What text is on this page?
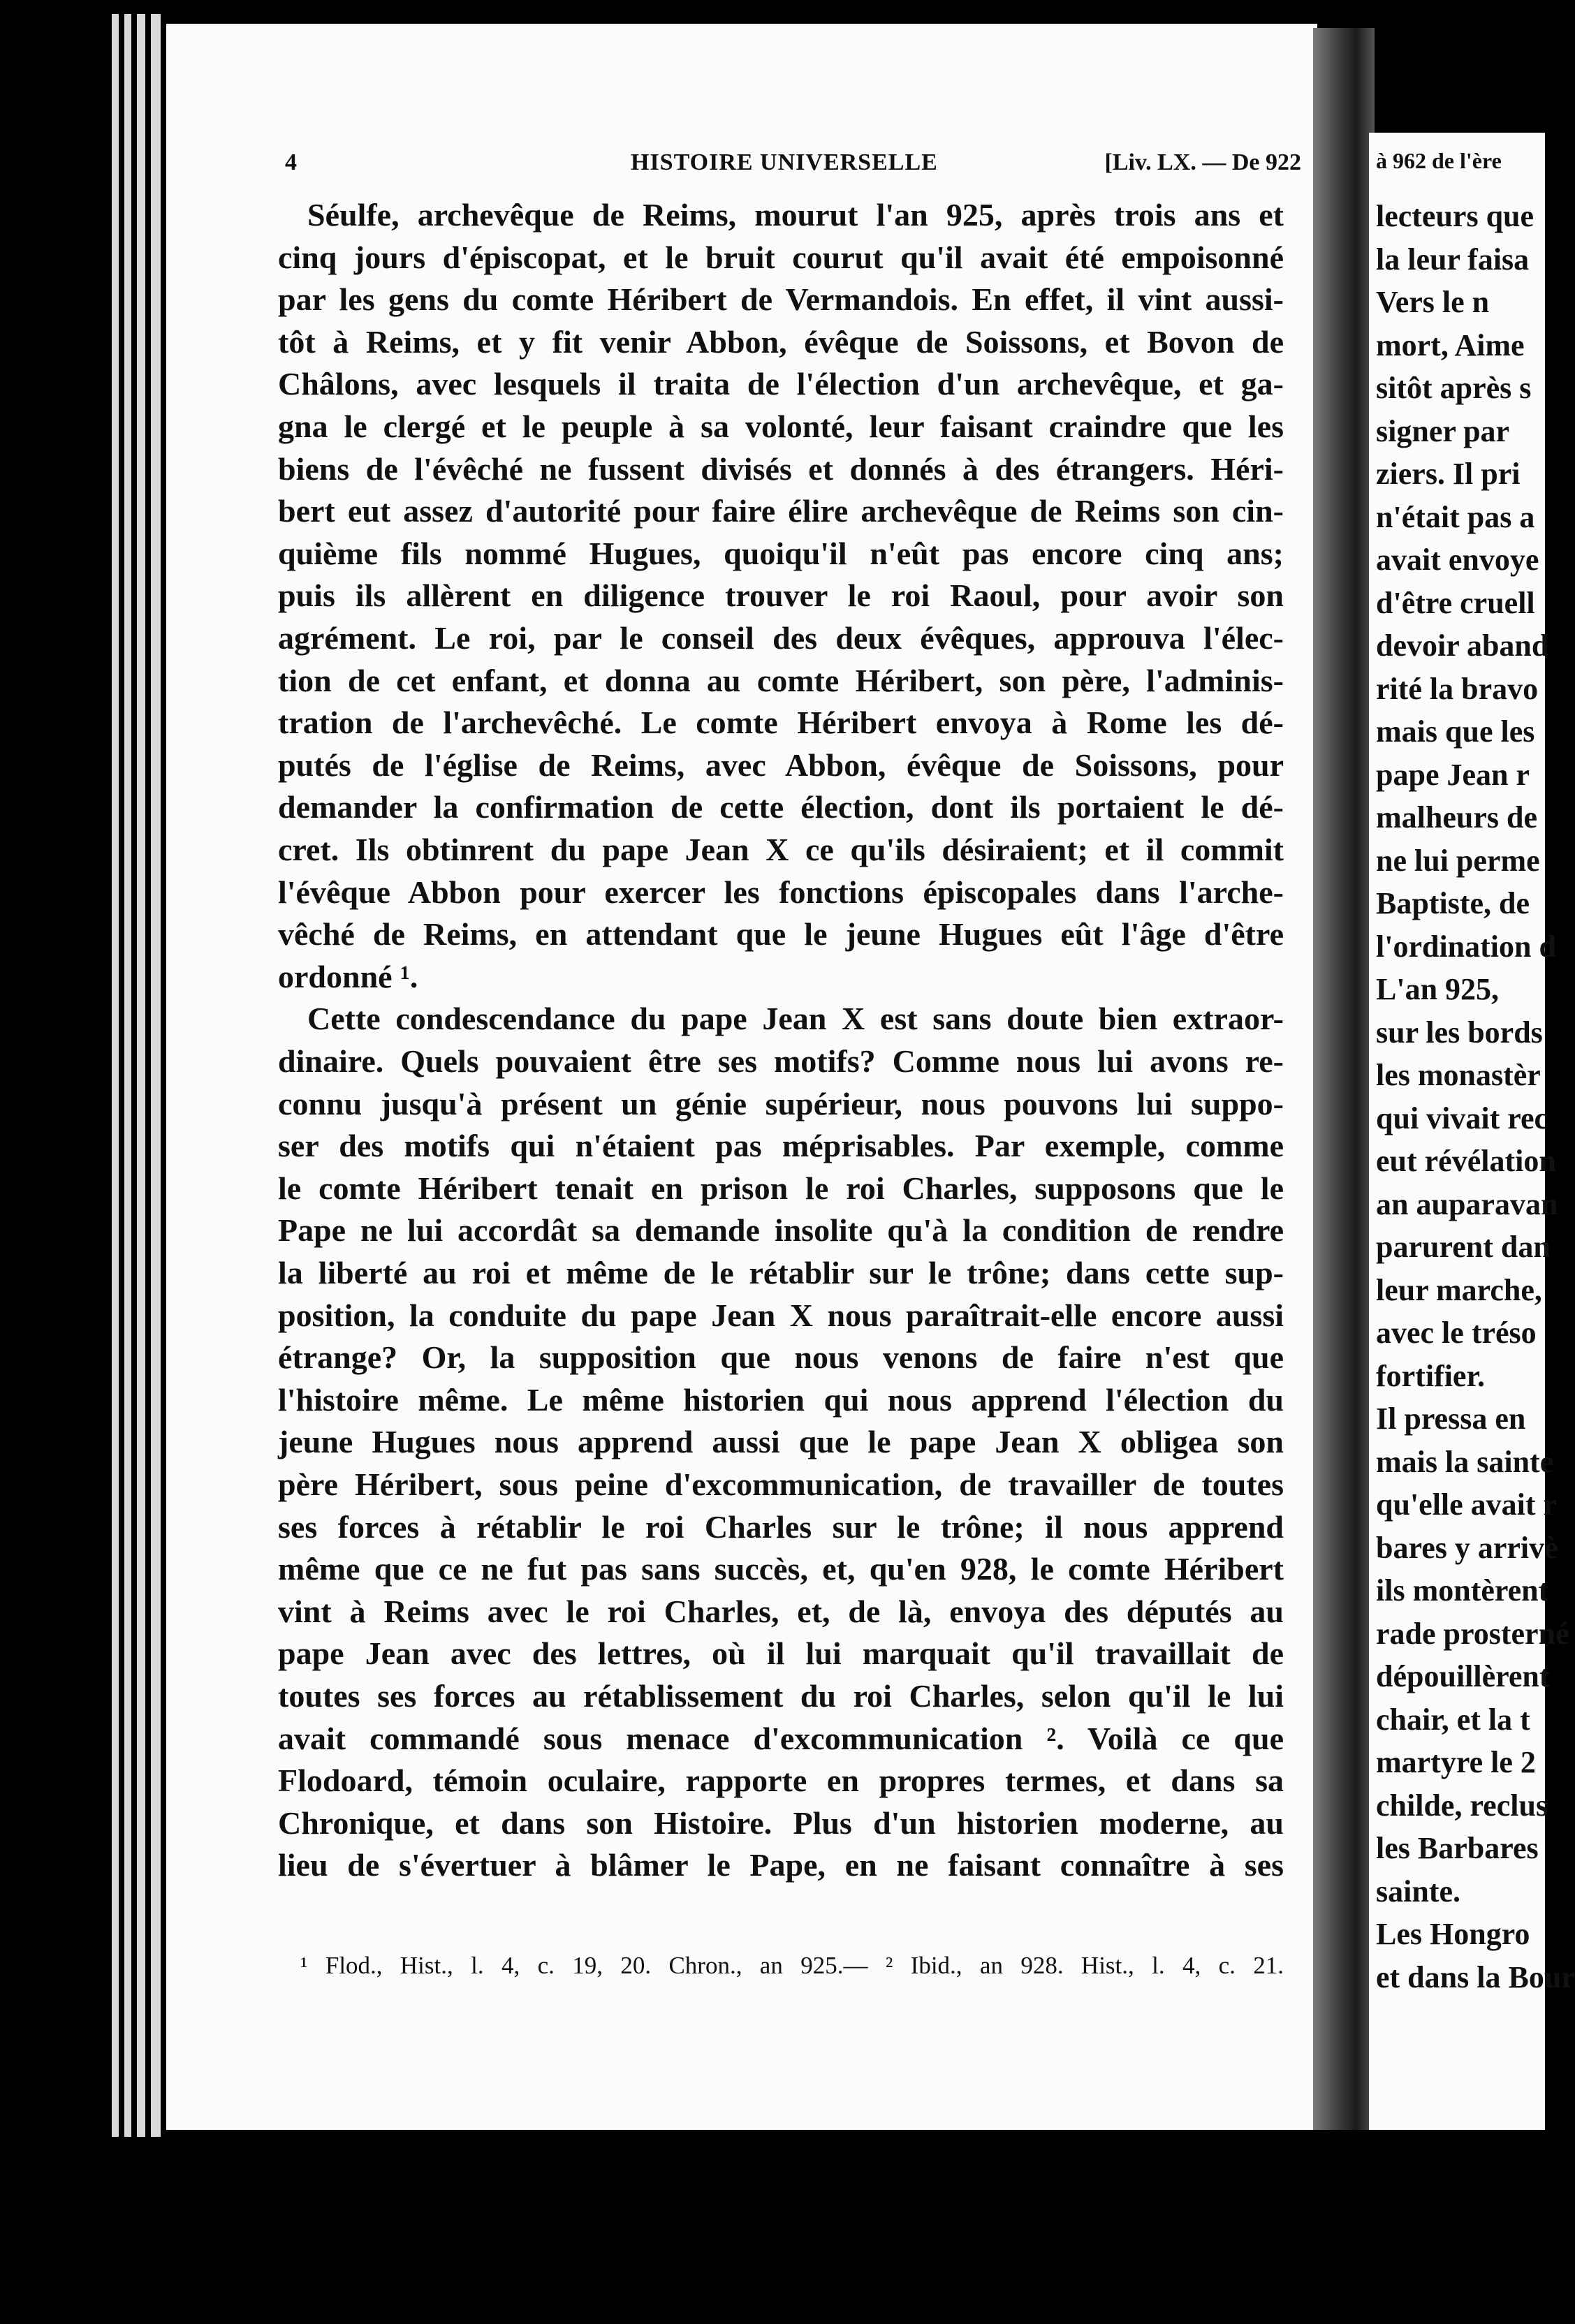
4	HISTOIRE UNIVERSELLE	[Liv. LX. — De 922
Séulfe, archevêque de Reims, mourut l'an 925, après trois ans et
cinq jours d'épiscopat, et le bruit courut qu'il avait été empoisonné
par les gens du comte Héribert de Vermandois. En effet, il vint aussi-
tôt à Reims, et y fit venir Abbon, évêque de Soissons, et Bovon de
Châlons, avec lesquels il traita de l'élection d'un archevêque, et ga-
gna le clergé et le peuple à sa volonté, leur faisant craindre que les
biens de l'évêché ne fussent divisés et donnés à des étrangers. Héri-
bert eut assez d'autorité pour faire élire archevêque de Reims son cin-
quième fils nommé Hugues, quoiqu'il n'eût pas encore cinq ans;
puis ils allèrent en diligence trouver le roi Raoul, pour avoir son
agrément. Le roi, par le conseil des deux évêques, approuva l'élec-
tion de cet enfant, et donna au comte Héribert, son père, l'adminis-
tration de l'archevêché. Le comte Héribert envoya à Rome les dé-
putés de l'église de Reims, avec Abbon, évêque de Soissons, pour
demander la confirmation de cette élection, dont ils portaient le dé-
cret. Ils obtinrent du pape Jean X ce qu'ils désiraient; et il commit
l'évêque Abbon pour exercer les fonctions épiscopales dans l'arche-
vêché de Reims, en attendant que le jeune Hugues eût l'âge d'être
ordonné ¹.
Cette condescendance du pape Jean X est sans doute bien extraor-
dinaire. Quels pouvaient être ses motifs? Comme nous lui avons re-
connu jusqu'à présent un génie supérieur, nous pouvons lui suppo-
ser des motifs qui n'étaient pas méprisables. Par exemple, comme
le comte Héribert tenait en prison le roi Charles, supposons que le
Pape ne lui accordât sa demande insolite qu'à la condition de rendre
la liberté au roi et même de le rétablir sur le trône; dans cette sup-
position, la conduite du pape Jean X nous paraîtrait-elle encore aussi
étrange? Or, la supposition que nous venons de faire n'est que
l'histoire même. Le même historien qui nous apprend l'élection du
jeune Hugues nous apprend aussi que le pape Jean X obligea son
père Héribert, sous peine d'excommunication, de travailler de toutes
ses forces à rétablir le roi Charles sur le trône; il nous apprend
même que ce ne fut pas sans succès, et, qu'en 928, le comte Héribert
vint à Reims avec le roi Charles, et, de là, envoya des députés au
pape Jean avec des lettres, où il lui marquait qu'il travaillait de
toutes ses forces au rétablissement du roi Charles, selon qu'il le lui
avait commandé sous menace d'excommunication ². Voilà ce que
Flodoard, témoin oculaire, rapporte en propres termes, et dans sa
Chronique, et dans son Histoire. Plus d'un historien moderne, au
lieu de s'évertuer à blâmer le Pape, en ne faisant connaître à ses
¹ Flod., Hist., l. 4, c. 19, 20. Chron., an 925.— ² Ibid., an 928. Hist., l. 4, c. 21.
à 962 de l'ère
lecteurs que
la leur faisa
Vers le n
mort, Aime
sitôt après s
signer par
ziers. Il pri
n'était pas a
avait envoye
d'être cruell
devoir aband
rité la bravo
mais que les
pape Jean r
malheurs de
ne lui perme
Baptiste, de
l'ordination d
L'an 925,
sur les bords
les monastèr
qui vivait rec
eut révélation
an auparavan
parurent dan
leur marche,
avec le tréso
fortifier.
Il pressa en
mais la sainte
qu'elle avait r
bares y arrivè
ils montèrent
rade prosterné
dépouillèrent
chair, et la t
martyre le 2
childe, reclus
les Barbares
sainte.
Les Hongro
et dans la Bour
